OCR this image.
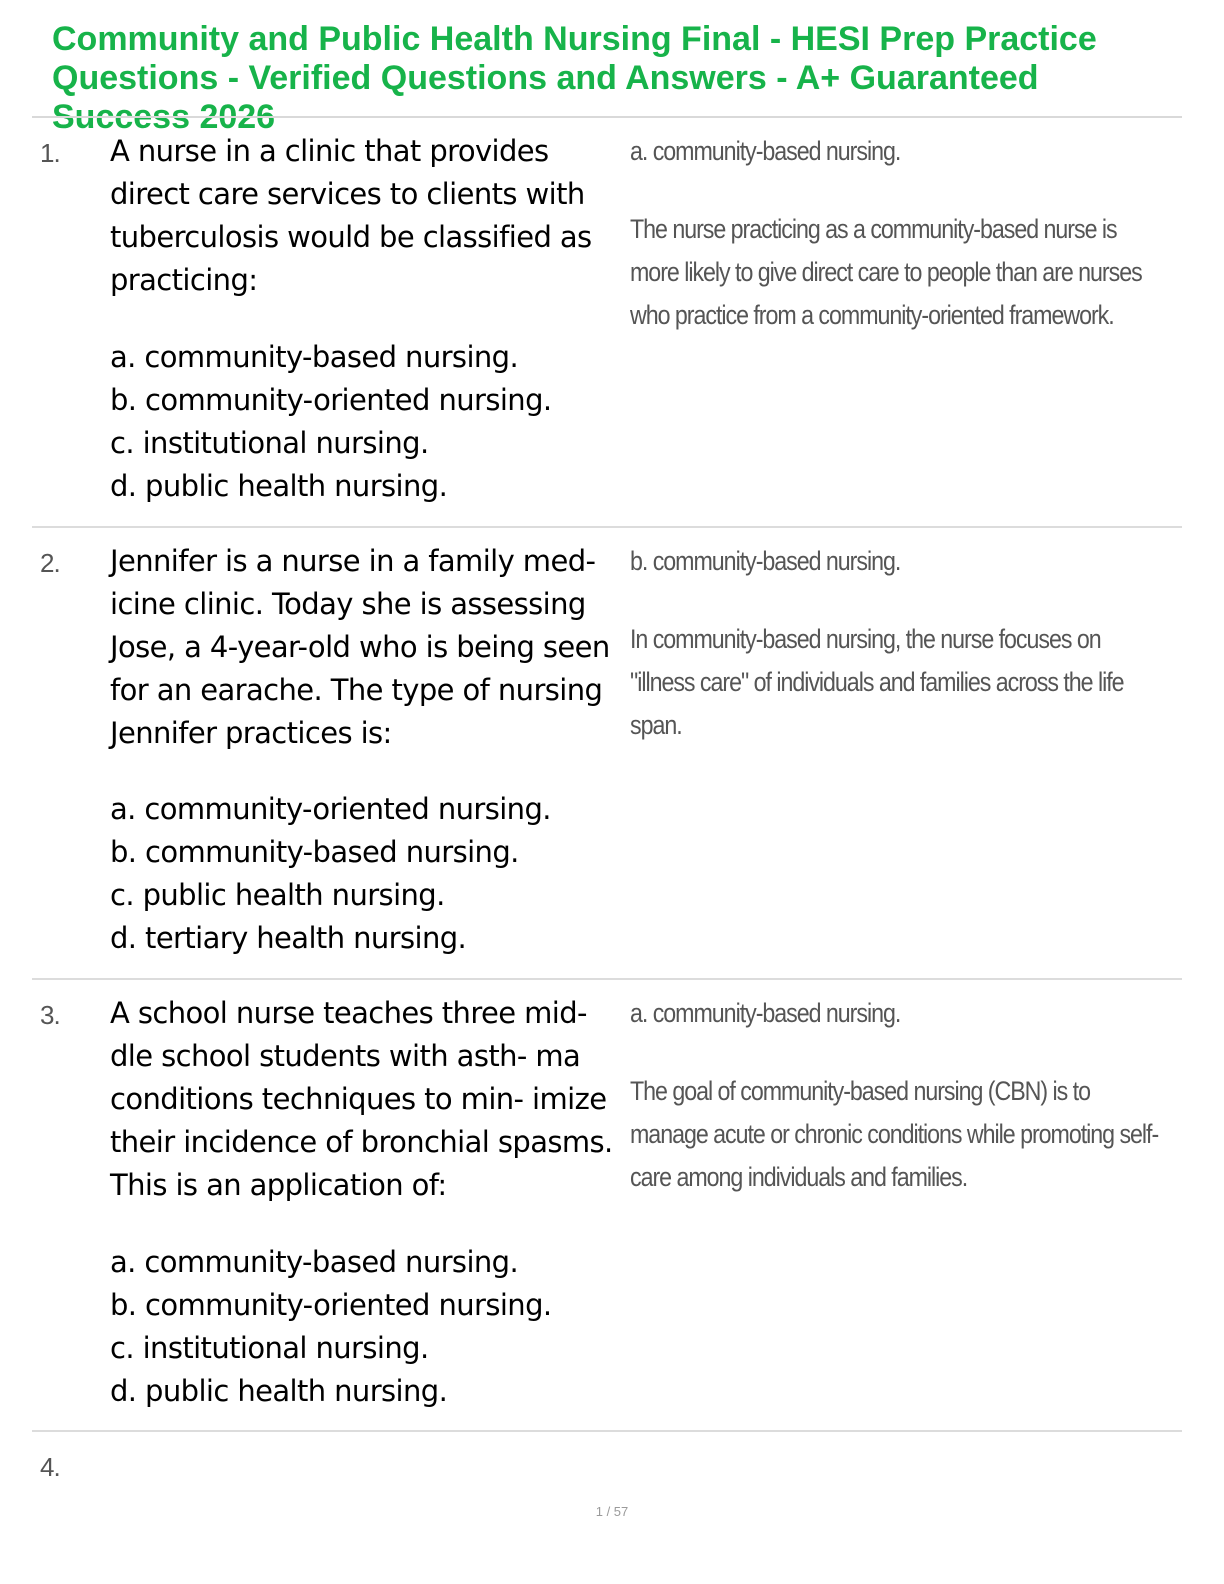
Community and Public Health Nursing Final - HESI Prep Practice Questions - Verified Questions and Answers - A+ Guaranteed Success 2026
1. A nurse in a clinic that provides direct care services to clients with tuberculosis would be classified as practicing:

a. community-based nursing.
b. community-oriented nursing.
c. institutional nursing.
d. public health nursing.

a. community-based nursing.

The nurse practicing as a community-based nurse is more likely to give direct care to people than are nurses who practice from a community-oriented framework.

2. Jennifer is a nurse in a family med- icine clinic. Today she is assessing Jose, a 4-year-old who is being seen for an earache. The type of nursing Jennifer practices is:

a. community-oriented nursing.
b. community-based nursing.
c. public health nursing.
d. tertiary health nursing.

b. community-based nursing.

In community-based nursing, the nurse focuses on "illness care" of individuals and families across the life span.

3. A school nurse teaches three mid- dle school students with asth- ma conditions techniques to min- imize their incidence of bronchial spasms. This is an application of:

a. community-based nursing.
b. community-oriented nursing.
c. institutional nursing.
d. public health nursing.

a. community-based nursing.

The goal of community-based nursing (CBN) is to manage acute or chronic conditions while promoting self-care among individuals and families.

4.
1 / 57
